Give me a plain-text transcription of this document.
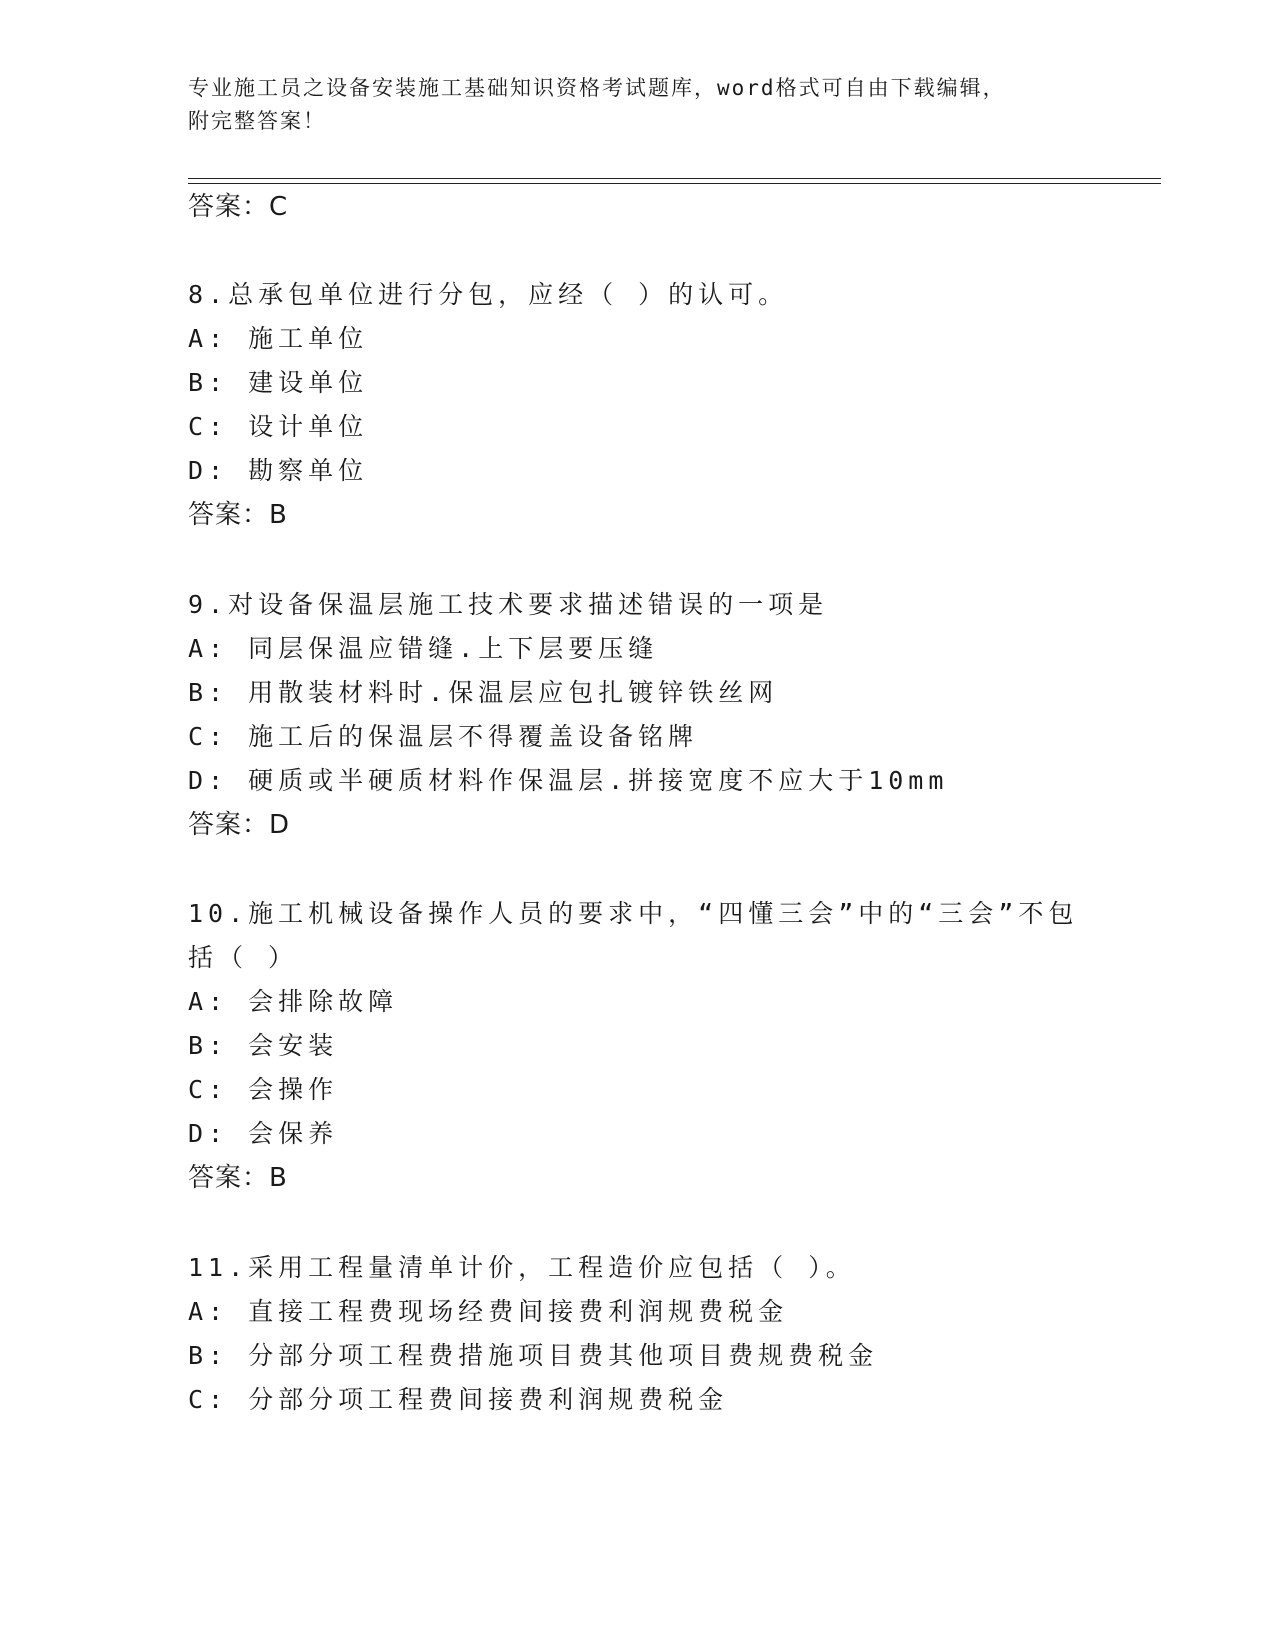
专业施工员之设备安装施工基础知识资格考试题库，word格式可自由下载编辑，
附完整答案！
答案：C
8.总承包单位进行分包，应经（ ）的认可。
A: 施工单位
B: 建设单位
C: 设计单位
D: 勘察单位
答案：B
9.对设备保温层施工技术要求描述错误的一项是
A: 同层保温应错缝.上下层要压缝
B: 用散装材料时.保温层应包扎镀锌铁丝网
C: 施工后的保温层不得覆盖设备铭牌
D: 硬质或半硬质材料作保温层.拼接宽度不应大于10mm
答案：D
10.施工机械设备操作人员的要求中，“四懂三会”中的“三会”不包
括（ ）
A: 会排除故障
B: 会安装
C: 会操作
D: 会保养
答案：B
11.采用工程量清单计价，工程造价应包括（ ）。
A: 直接工程费现场经费间接费利润规费税金
B: 分部分项工程费措施项目费其他项目费规费税金
C: 分部分项工程费间接费利润规费税金
